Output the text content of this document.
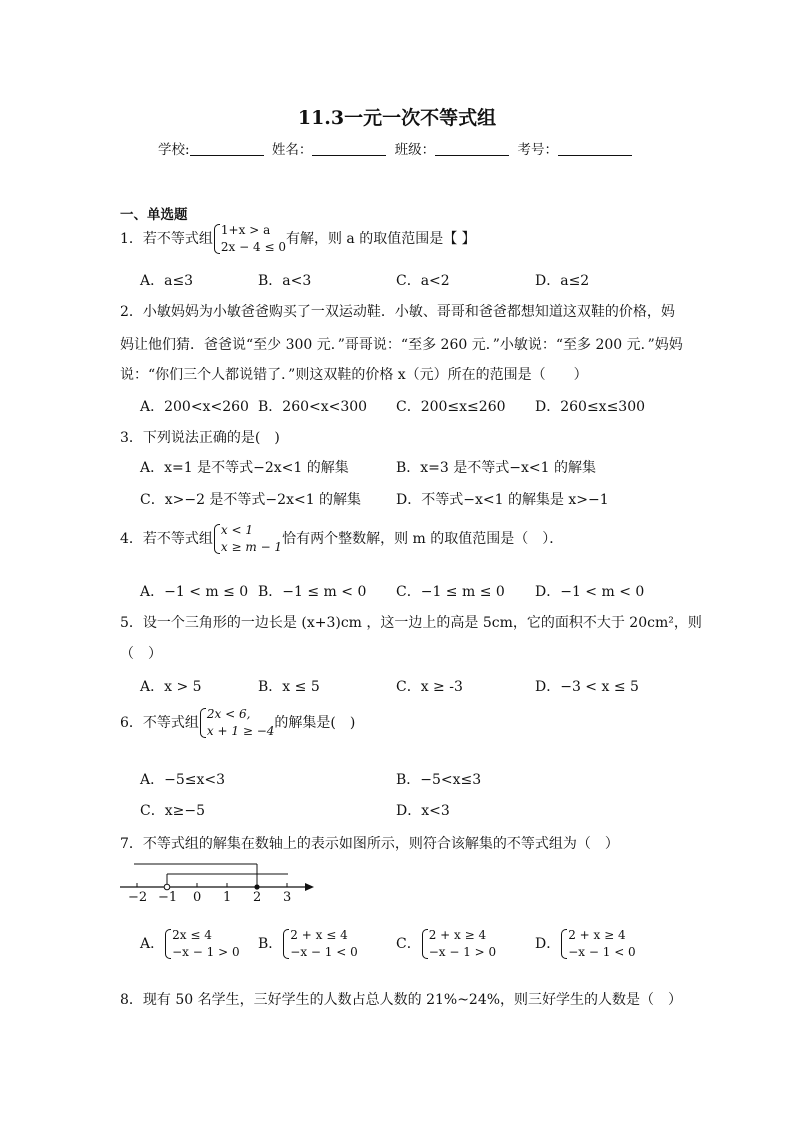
11.3一元一次不等式组
学校:	姓名：	班级：	考号：
一、单选题
1．若不等式组
1+x > a
2x − 4 ≤ 0 有解，则 a 的取值范围是【 】
A．a≤3	B．a<3	C．a<2	D．a≤2
2．小敏妈妈为小敏爸爸购买了一双运动鞋．小敏、哥哥和爸爸都想知道这双鞋的价格，妈
妈让他们猜．爸爸说“至少 300 元．”哥哥说：“至多 260 元．”小敏说：“至多 200 元．”妈妈
说：“你们三个人都说错了．”则这双鞋的价格 x（元）所在的范围是（　　）
A．200<x<260 B．260<x<300 C．200≤x≤260 D．260≤x≤300
3．下列说法正确的是(　)
A．x=1 是不等式−2x<1 的解集	B．x=3 是不等式−x<1 的解集
C．x>−2 是不等式−2x<1 的解集 D．不等式−x<1 的解集是 x>−1
4．若不等式组
x < 1
x ≥ m − 1 恰有两个整数解，则 m 的取值范围是（　）．
A．−1 < m ≤ 0 B．−1 ≤ m < 0 C．−1 ≤ m ≤ 0 D．−1 < m < 0
5．设一个三角形的一边长是 (x+3)cm ，这一边上的高是 5cm，它的面积不大于 20cm²，则
（　）
A．x > 5	B．x ≤ 5	C．x ≥ -3	D．−3 < x ≤ 5
6．不等式组
2x < 6,
x + 1 ≥ −4 的解集是(　)
A．−5≤x<3	B．−5<x≤3
C．x≥−5	D．x<3
7．不等式组的解集在数轴上的表示如图所示，则符合该解集的不等式组为（　）
−2 −1 0 1 2 3
A．
2x ≤ 4
−x − 1 > 0 B．
2 + x ≤ 4
−x − 1 < 0	C．
2 + x ≥ 4
−x − 1 > 0	D．
2 + x ≥ 4
−x − 1 < 0
8．现有 50 名学生，三好学生的人数占总人数的 21%~24%，则三好学生的人数是（　）
